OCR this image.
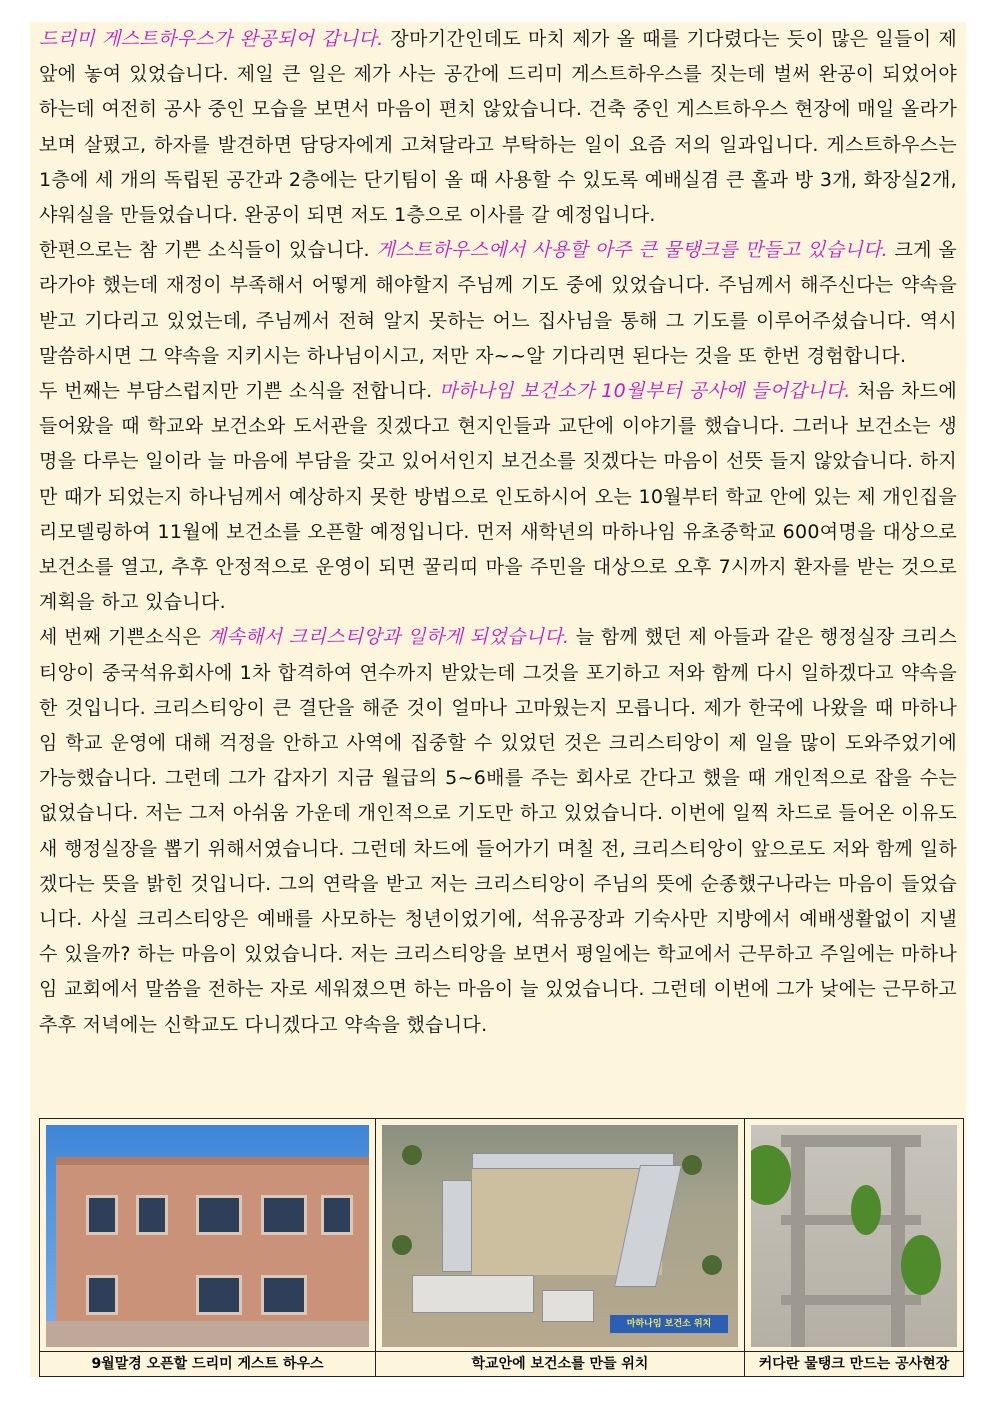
드리미 게스트하우스가 완공되어 갑니다. 장마기간인데도 마치 제가 올 때를 기다렸다는 듯이 많은 일들이 제 앞에 놓여 있었습니다. 제일 큰 일은 제가 사는 공간에 드리미 게스트하우스를 짓는데 벌써 완공이 되었어야 하는데 여전히 공사 중인 모습을 보면서 마음이 편치 않았습니다. 건축 중인 게스트하우스 현장에 매일 올라가보며 살폈고, 하자를 발견하면 담당자에게 고쳐달라고 부탁하는 일이 요즘 저의 일과입니다. 게스트하우스는 1층에 세 개의 독립된 공간과 2층에는 단기팀이 올 때 사용할 수 있도록 예배실겸 큰 홀과 방 3개, 화장실2개, 샤워실을 만들었습니다. 완공이 되면 저도 1층으로 이사를 갈 예정입니다.

한편으로는 참 기쁜 소식들이 있습니다. 게스트하우스에서 사용할 아주 큰 물탱크를 만들고 있습니다. 크게 올라가야 했는데 재정이 부족해서 어떻게 해야할지 주님께 기도 중에 있었습니다. 주님께서 해주신다는 약속을 받고 기다리고 있었는데, 주님께서 전혀 알지 못하는 어느 집사님을 통해 그 기도를 이루어주셨습니다. 역시 말씀하시면 그 약속을 지키시는 하나님이시고, 저만 자~~알 기다리면 된다는 것을 또 한번 경험합니다.

두 번째는 부담스럽지만 기쁜 소식을 전합니다. 마하나임 보건소가 10월부터 공사에 들어갑니다. 처음 차드에 들어왔을 때 학교와 보건소와 도서관을 짓겠다고 현지인들과 교단에 이야기를 했습니다. 그러나 보건소는 생명을 다루는 일이라 늘 마음에 부담을 갖고 있어서인지 보건소를 짓겠다는 마음이 선뜻 들지 않았습니다. 하지만 때가 되었는지 하나님께서 예상하지 못한 방법으로 인도하시어 오는 10월부터 학교 안에 있는 제 개인집을 리모델링하여 11월에 보건소를 오픈할 예정입니다. 먼저 새학년의 마하나임 유초중학교 600여명을 대상으로 보건소를 열고, 추후 안정적으로 운영이 되면 꿀리띠 마을 주민을 대상으로 오후 7시까지 환자를 받는 것으로 계획을 하고 있습니다.

세 번째 기쁜소식은 계속해서 크리스티앙과 일하게 되었습니다. 늘 함께 했던 제 아들과 같은 행정실장 크리스티앙이 중국석유회사에 1차 합격하여 연수까지 받았는데 그것을 포기하고 저와 함께 다시 일하겠다고 약속을 한 것입니다. 크리스티앙이 큰 결단을 해준 것이 얼마나 고마웠는지 모릅니다. 제가 한국에 나왔을 때 마하나임 학교 운영에 대해 걱정을 안하고 사역에 집중할 수 있었던 것은 크리스티앙이 제 일을 많이 도와주었기에 가능했습니다. 그런데 그가 갑자기 지금 월급의 5~6배를 주는 회사로 간다고 했을 때 개인적으로 잡을 수는 없었습니다. 저는 그저 아쉬움 가운데 개인적으로 기도만 하고 있었습니다. 이번에 일찍 차드로 들어온 이유도 새 행정실장을 뽑기 위해서였습니다. 그런데 차드에 들어가기 며칠 전, 크리스티앙이 앞으로도 저와 함께 일하겠다는 뜻을 밝힌 것입니다. 그의 연락을 받고 저는 크리스티앙이 주님의 뜻에 순종했구나라는 마음이 들었습니다. 사실 크리스티앙은 예배를 사모하는 청년이었기에, 석유공장과 기숙사만 지방에서 예배생활없이 지낼 수 있을까? 하는 마음이 있었습니다. 저는 크리스티앙을 보면서 평일에는 학교에서 근무하고 주일에는 마하나임 교회에서 말씀을 전하는 자로 세워졌으면 하는 마음이 늘 있었습니다. 그런데 이번에 그가 낮에는 근무하고 추후 저녁에는 신학교도 다니겠다고 약속을 했습니다.

	마하나임 보건소 위치	

9월말경 오픈할 드리미 게스트 하우스	학교안에 보건소를 만들 위치	커다란 물탱크 만드는 공사현장
